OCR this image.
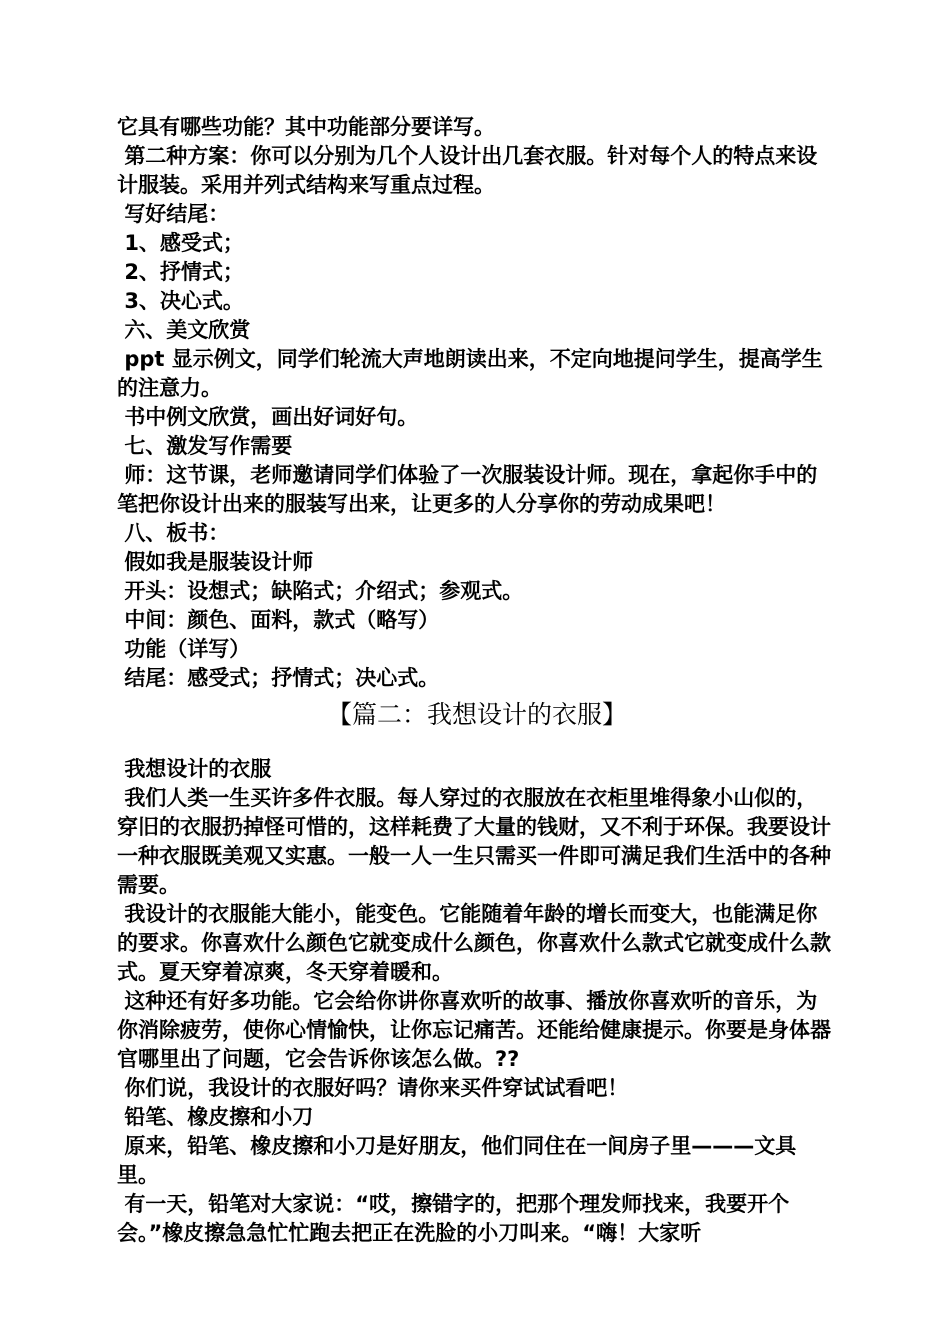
它具有哪些功能？其中功能部分要详写。

第二种方案：你可以分别为几个人设计出几套衣服。针对每个人的特点来设计服装。采用并列式结构来写重点过程。

写好结尾：

1、感受式；

2、抒情式；

3、决心式。

六、美文欣赏

ppt 显示例文，同学们轮流大声地朗读出来，不定向地提问学生，提高学生的注意力。

书中例文欣赏，画出好词好句。

七、激发写作需要

师：这节课，老师邀请同学们体验了一次服装设计师。现在，拿起你手中的笔把你设计出来的服装写出来，让更多的人分享你的劳动成果吧！

八、板书：

假如我是服装设计师

开头：设想式；缺陷式；介绍式；参观式。

中间：颜色、面料，款式（略写）

功能（详写）

结尾：感受式；抒情式；决心式。

【篇二：我想设计的衣服】

我想设计的衣服

我们人类一生买许多件衣服。每人穿过的衣服放在衣柜里堆得象小山似的，穿旧的衣服扔掉怪可惜的，这样耗费了大量的钱财，又不利于环保。我要设计一种衣服既美观又实惠。一般一人一生只需买一件即可满足我们生活中的各种需要。

我设计的衣服能大能小，能变色。它能随着年龄的增长而变大，也能满足你的要求。你喜欢什么颜色它就变成什么颜色，你喜欢什么款式它就变成什么款式。夏天穿着凉爽，冬天穿着暖和。

这种还有好多功能。它会给你讲你喜欢听的故事、播放你喜欢听的音乐，为你消除疲劳，使你心情愉快，让你忘记痛苦。还能给健康提示。你要是身体器官哪里出了问题，它会告诉你该怎么做。??

你们说，我设计的衣服好吗？请你来买件穿试试看吧！

铅笔、橡皮擦和小刀

原来，铅笔、橡皮擦和小刀是好朋友，他们同住在一间房子里———文具里。

有一天，铅笔对大家说：“哎，擦错字的，把那个理发师找来，我要开个会。”橡皮擦急急忙忙跑去把正在洗脸的小刀叫来。“嗨！大家听
